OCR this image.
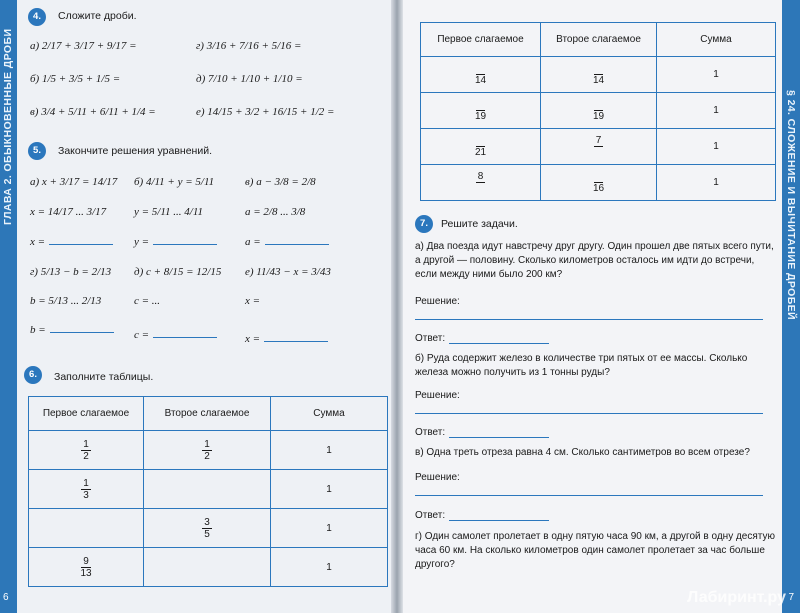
ГЛАВА 2. ОБЫКНОВЕННЫЕ ДРОБИ
4.	Сложите дроби.
а) 2/17 + 3/17 + 9/17 =	г) 3/16 + 7/16 + 5/16 =
б) 1/5 + 3/5 + 1/5 =	д) 7/10 + 1/10 + 1/10 =
в) 3/4 + 5/11 + 6/11 + 1/4 =	е) 14/15 + 3/2 + 16/15 + 1/2 =
5.	Закончите решения уравнений.
а) x + 3/17 = 14/17 б) 4/11 + y = 5/11	в) a − 3/8 = 2/8
x = 14/17 ... 3/17	y = 5/11 ... 4/11	a = 2/8 ... 3/8
x =	y =	a =
г) 5/13 − b = 2/13 д) c + 8/15 = 12/15 е) 11/43 − x = 3/43
b = 5/13 ... 2/13	c = ...	x =
b =	c =	x =
6.	Заполните таблицы.
Первое слагаемое	Второе слагаемое	Сумма

$\frac{1}{2}$	$\frac{1}{2}$	1

$\frac{1}{3}$		1

	$\frac{3}{5}$	1

$\frac{9}{13}$		1
6
Первое слагаемое	Второе слагаемое	Сумма

14	14	1

19	19	1

21	7	1

8	16	1
7.	Решите задачи.
а) Два поезда идут навстречу друг другу. Один прошел две пятых всего пути, а другой — половину. Сколько километров осталось им идти до встречи, если между ними было 200 км?
Решение:
Ответ:
б) Руда содержит железо в количестве три пятых от ее массы. Сколько железа можно получить из 1 тонны руды?
Решение:
Ответ:
в) Одна треть отреза равна 4 см. Сколько сантиметров во всем отрезе?
Решение:
Ответ:
г) Один самолет пролетает в одну пятую часа 90 км, а другой в одну десятую часа 60 км. На сколько километров один самолет пролетает за час больше другого?
§ 24. СЛОЖЕНИЕ И ВЫЧИТАНИЕ ДРОБЕЙ
7
Лабиринт.ру
